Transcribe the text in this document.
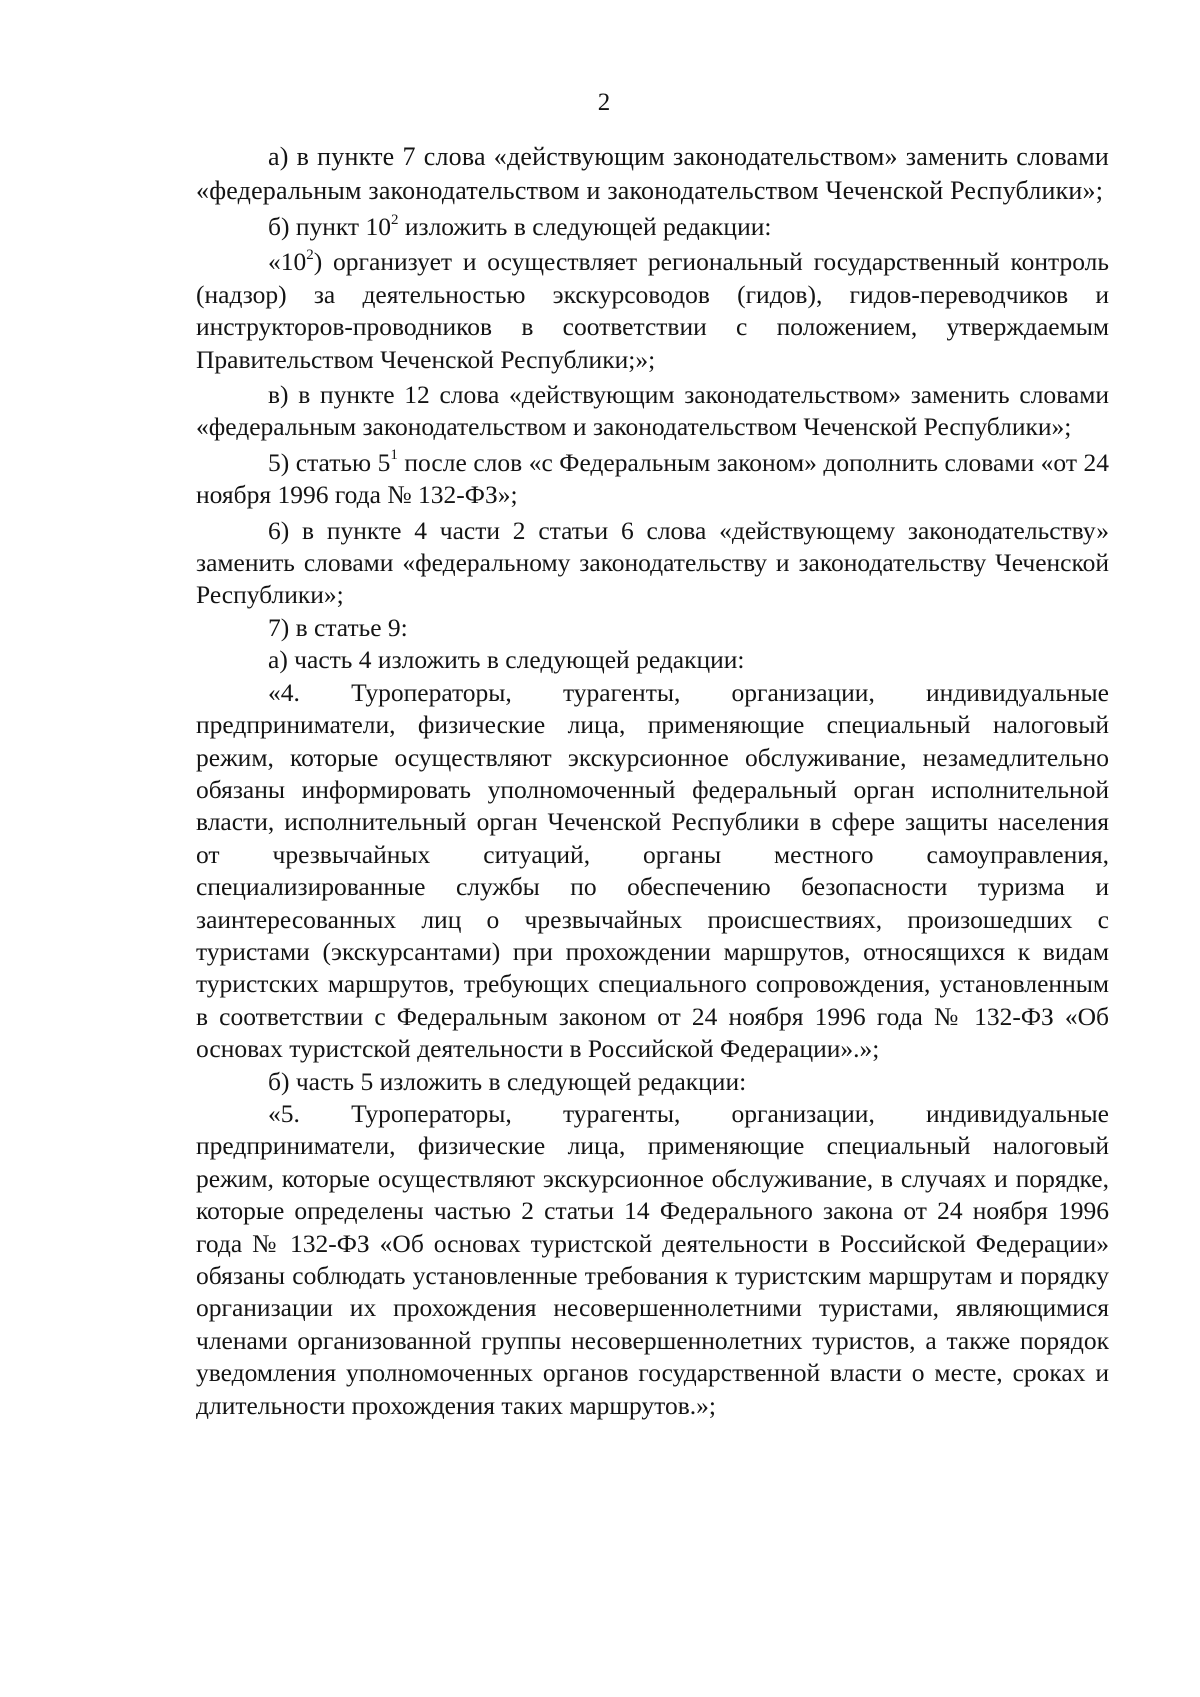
2

а) в пункте 7 слова «действующим законодательством» заменить словами «федеральным законодательством и законодательством Чеченской Республики»;

б) пункт $10^2$ изложить в следующей редакции:

«$10^2$) организует и осуществляет региональный государственный контроль (надзор) за деятельностью экскурсоводов (гидов), гидов-переводчиков и инструкторов-проводников в соответствии с положением, утверждаемым Правительством Чеченской Республики;»;

в) в пункте 12 слова «действующим законодательством» заменить словами «федеральным законодательством и законодательством Чеченской Республики»;

5) статью $5^1$ после слов «с Федеральным законом» дополнить словами «от 24 ноября 1996 года № 132-ФЗ»;

6) в пункте 4 части 2 статьи 6 слова «действующему законодательству» заменить словами «федеральному законодательству и законодательству Чеченской Республики»;

7) в статье 9:

а) часть 4 изложить в следующей редакции:

«4. Туроператоры, турагенты, организации, индивидуальные предприниматели, физические лица, применяющие специальный налоговый режим, которые осуществляют экскурсионное обслуживание, незамедлительно обязаны информировать уполномоченный федеральный орган исполнительной власти, исполнительный орган Чеченской Республики в сфере защиты населения от чрезвычайных ситуаций, органы местного самоуправления, специализированные службы по обеспечению безопасности туризма и заинтересованных лиц о чрезвычайных происшествиях, произошедших с туристами (экскурсантами) при прохождении маршрутов, относящихся к видам туристских маршрутов, требующих специального сопровождения, установленным в соответствии с Федеральным законом от 24 ноября 1996 года № 132-ФЗ «Об основах туристской деятельности в Российской Федерации».»;

б) часть 5 изложить в следующей редакции:

«5. Туроператоры, турагенты, организации, индивидуальные предприниматели, физические лица, применяющие специальный налоговый режим, которые осуществляют экскурсионное обслуживание, в случаях и порядке, которые определены частью 2 статьи 14 Федерального закона от 24 ноября 1996 года № 132-ФЗ «Об основах туристской деятельности в Российской Федерации» обязаны соблюдать установленные требования к туристским маршрутам и порядку организации их прохождения несовершеннолетними туристами, являющимися членами организованной группы несовершеннолетних туристов, а также порядок уведомления уполномоченных органов государственной власти о месте, сроках и длительности прохождения таких маршрутов.»;
